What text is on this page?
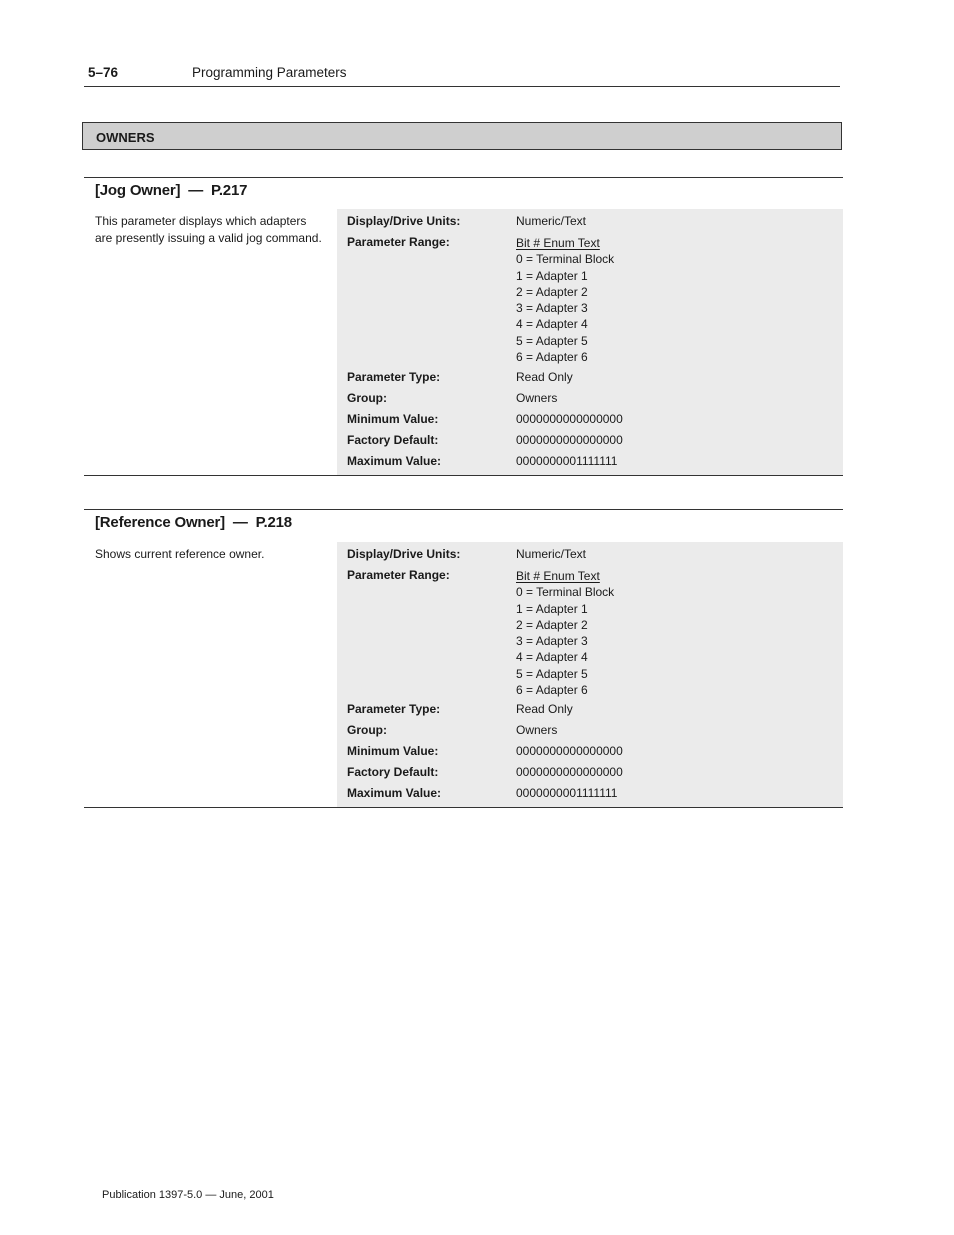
5–76	Programming Parameters
OWNERS
[Jog Owner]  —  P.217
This parameter displays which adapters are presently issuing a valid jog command.
Display/Drive Units:	Numeric/Text
Parameter Range:	Bit # Enum Text
0 = Terminal Block
1 = Adapter 1
2 = Adapter 2
3 = Adapter 3
4 = Adapter 4
5 = Adapter 5
6 = Adapter 6
Parameter Type:	Read Only
Group:	Owners
Minimum Value:	0000000000000000
Factory Default:	0000000000000000
Maximum Value:	0000000001111111
[Reference Owner]  —  P.218
Shows current reference owner.	Display/Drive Units:	Numeric/Text
Parameter Range:	Bit # Enum Text
0 = Terminal Block
1 = Adapter 1
2 = Adapter 2
3 = Adapter 3
4 = Adapter 4
5 = Adapter 5
6 = Adapter 6
Parameter Type:	Read Only
Group:	Owners
Minimum Value:	0000000000000000
Factory Default:	0000000000000000
Maximum Value:	0000000001111111
Publication 1397-5.0 — June, 2001
